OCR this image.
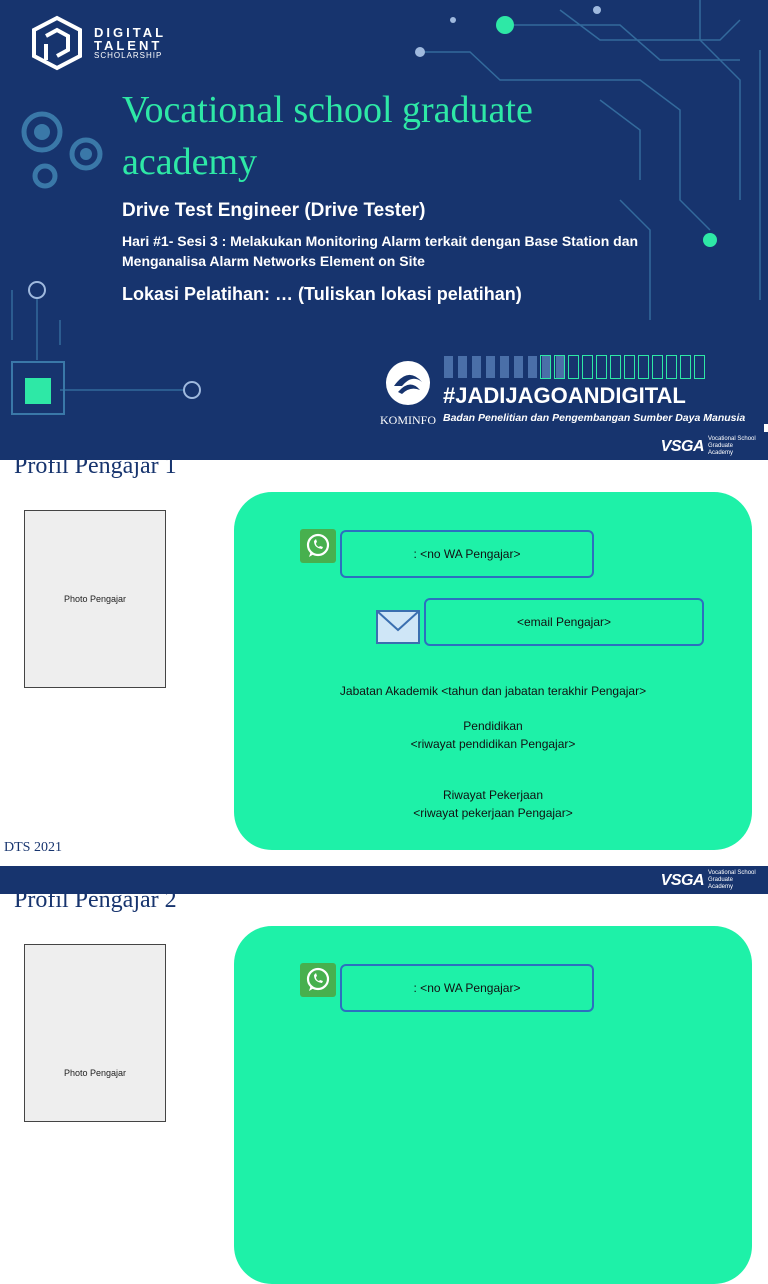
DIGITAL
TALENT
SCHOLARSHIP
Vocational school graduate academy
Drive Test Engineer (Drive Tester)
Hari #1- Sesi 3 : Melakukan Monitoring Alarm terkait dengan Base Station dan Menganalisa Alarm Networks Element on Site
Lokasi Pelatihan: … (Tuliskan lokasi pelatihan)
KOMINFO
#JADIJAGOANDIGITAL
Badan Penelitian dan Pengembangan Sumber Daya Manusia
VSGA Vocational School Graduate Academy
Profil Pengajar 1
Photo Pengajar
: <no WA Pengajar>
<email Pengajar>
Jabatan Akademik <tahun dan jabatan terakhir Pengajar>
Pendidikan
<riwayat pendidikan Pengajar>
Riwayat Pekerjaan
<riwayat pekerjaan Pengajar>
DTS 2021
VSGA Vocational School Graduate Academy
Profil Pengajar 2
Photo Pengajar
: <no WA Pengajar>
